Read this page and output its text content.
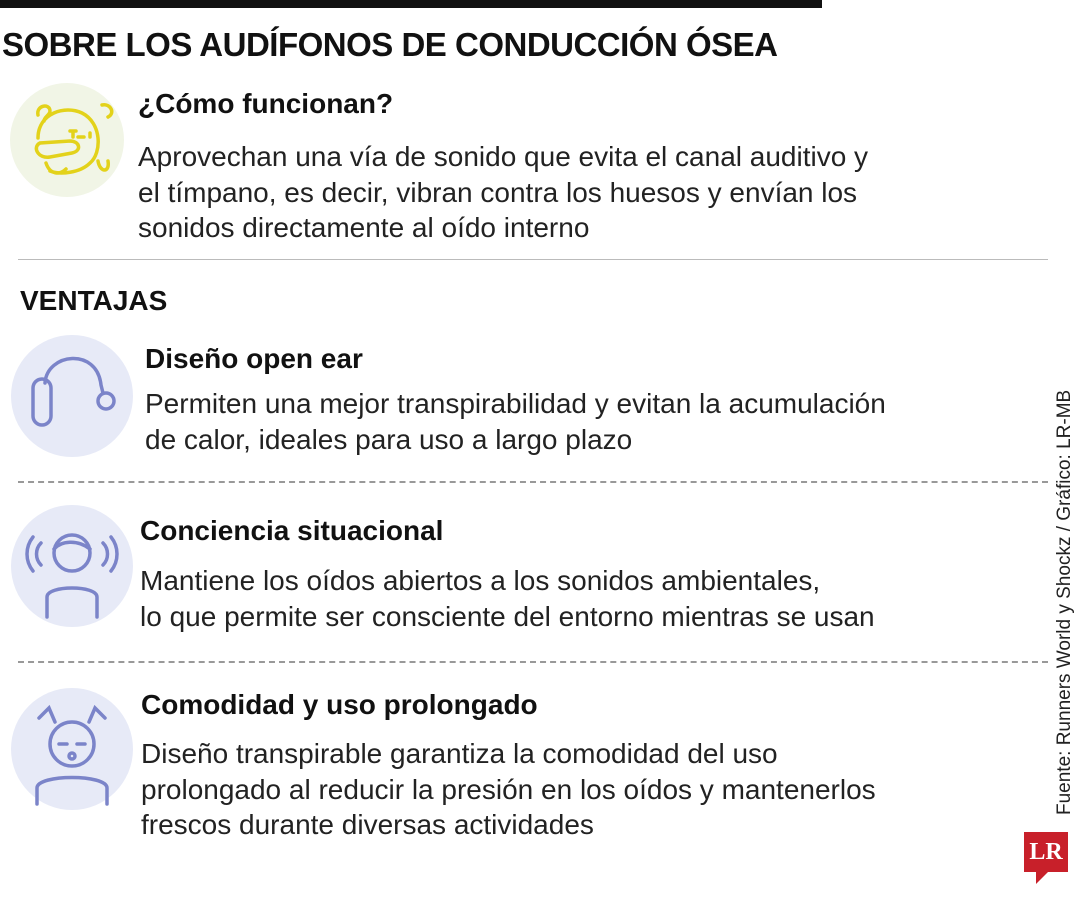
SOBRE LOS AUDÍFONOS DE CONDUCCIÓN ÓSEA
¿Cómo funcionan?
Aprovechan una vía de sonido que evita el canal auditivo y
el tímpano, es decir, vibran contra los huesos y envían los
sonidos directamente al oído interno
VENTAJAS
Diseño open ear
Permiten una mejor transpirabilidad y evitan la acumulación
de calor, ideales para uso a largo plazo
Conciencia situacional
Mantiene los oídos abiertos a los sonidos ambientales,
lo que permite ser consciente del entorno mientras se usan
Comodidad y uso prolongado
Diseño transpirable garantiza la comodidad del uso
prolongado al reducir la presión en los oídos y mantenerlos
frescos durante diversas actividades
Fuente: Runners World y Shockz / Gráfico: LR-MB
LR
